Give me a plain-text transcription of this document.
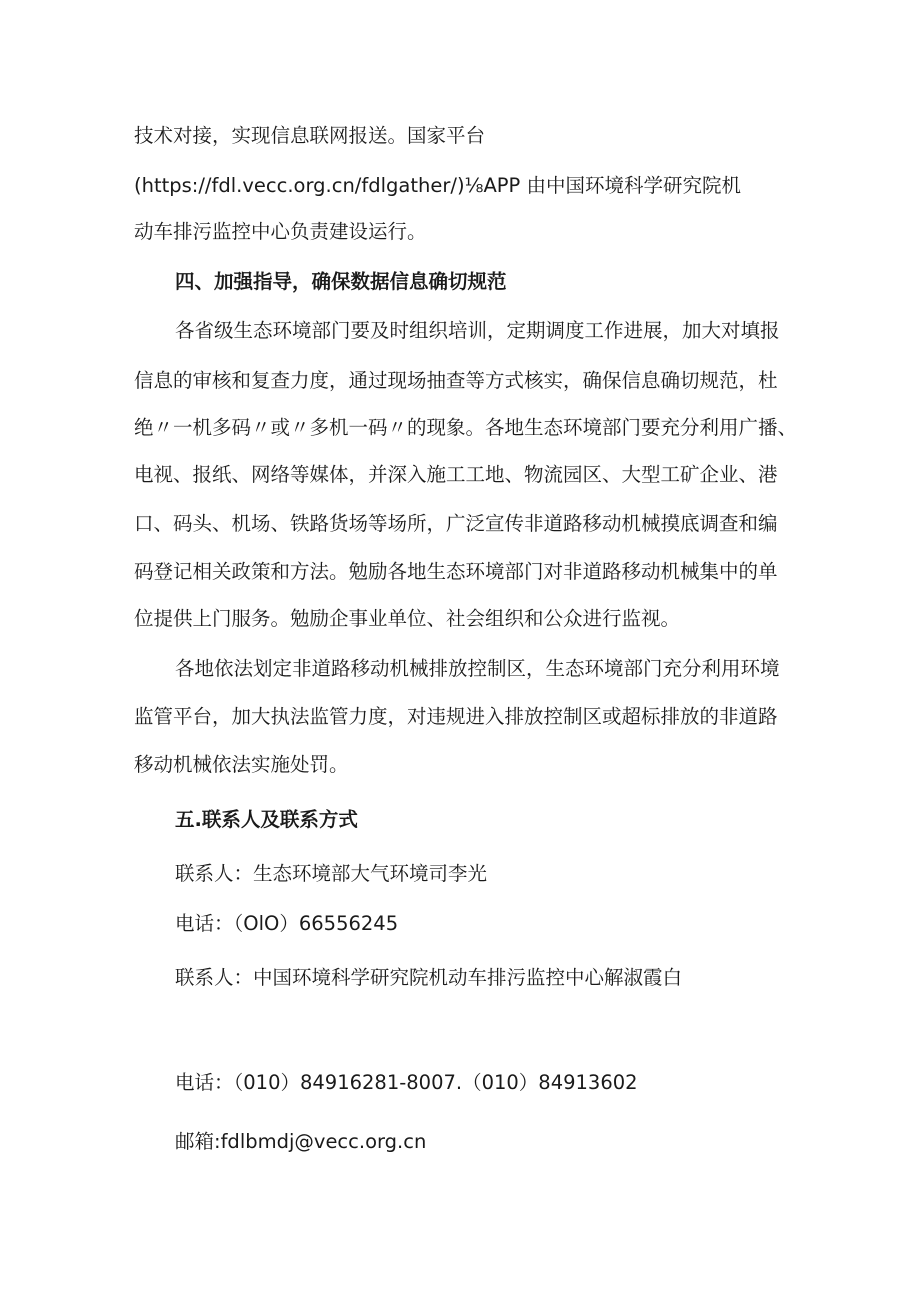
技术对接，实现信息联网报送。国家平台
(https://fdl.vecc.org.cn/fdlgather/)⅛APP 由中国环境科学研究院机
动车排污监控中心负责建设运行。
四、加强指导，确保数据信息确切规范
各省级生态环境部门要及时组织培训，定期调度工作进展，加大对填报
信息的审核和复查力度，通过现场抽查等方式核实，确保信息确切规范，杜
绝〃一机多码〃或〃多机一码〃的现象。各地生态环境部门要充分利用广播、
电视、报纸、网络等媒体，并深入施工工地、物流园区、大型工矿企业、港
口、码头、机场、铁路货场等场所，广泛宣传非道路移动机械摸底调查和编
码登记相关政策和方法。勉励各地生态环境部门对非道路移动机械集中的单
位提供上门服务。勉励企事业单位、社会组织和公众进行监视。
各地依法划定非道路移动机械排放控制区，生态环境部门充分利用环境
监管平台，加大执法监管力度，对违规进入排放控制区或超标排放的非道路
移动机械依法实施处罚。
五.联系人及联系方式
联系人：生态环境部大气环境司李光
电话：（OlO）66556245
联系人：中国环境科学研究院机动车排污监控中心解淑霞白
电话：（010）84916281-8007.（010）84913602
邮箱:fdlbmdj@vecc.org.cn
